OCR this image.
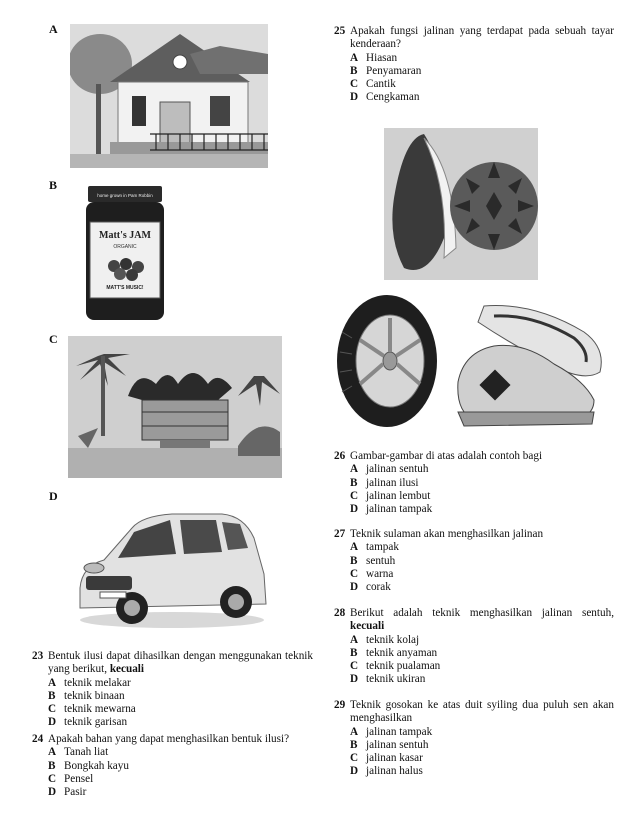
A
B
home grown in Pam Robbin
Matt's JAM
ORGANIC
MATT'S MUSIC!
C
D
23 Bentuk ilusi dapat dihasilkan dengan menggunakan teknik yang berikut, kecuali
A teknik melakar
B teknik binaan
C teknik mewarna
D teknik garisan
24 Apakah bahan yang dapat menghasilkan bentuk ilusi?
A Tanah liat
B Bongkah kayu
C Pensel
D Pasir
25 Apakah fungsi jalinan yang terdapat pada sebuah tayar kenderaan?
A Hiasan
B Penyamaran
C Cantik
D Cengkaman
26 Gambar-gambar di atas adalah contoh bagi
A jalinan sentuh
B jalinan ilusi
C jalinan lembut
D jalinan tampak
27 Teknik sulaman akan menghasilkan jalinan
A tampak
B sentuh
C warna
D corak
28 Berikut adalah teknik menghasilkan jalinan sentuh, kecuali
A teknik kolaj
B teknik anyaman
C teknik pualaman
D teknik ukiran
29 Teknik gosokan ke atas duit syiling dua puluh sen akan menghasilkan
A jalinan tampak
B jalinan sentuh
C jalinan kasar
D jalinan halus
